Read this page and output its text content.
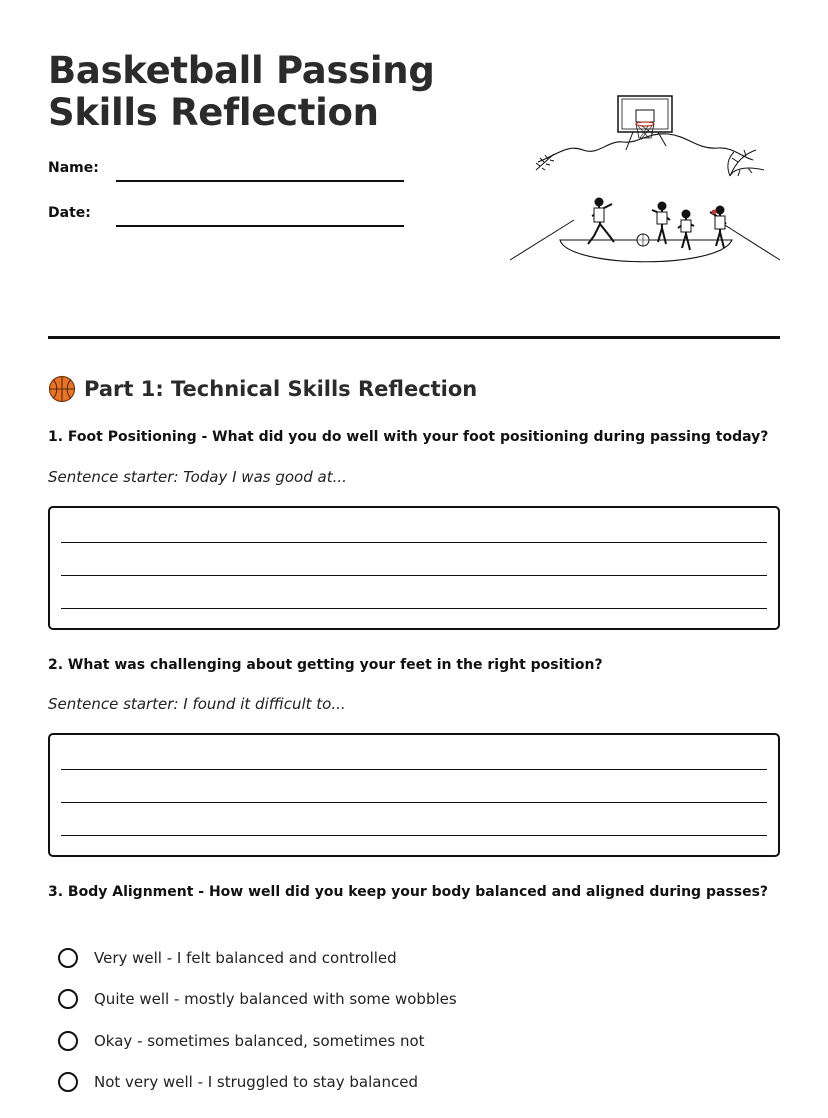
Basketball Passing Skills Reflection
Name:
Date:
Part 1: Technical Skills Reflection
1. Foot Positioning - What did you do well with your foot positioning during passing today?
Sentence starter: Today I was good at...
2. What was challenging about getting your feet in the right position?
Sentence starter: I found it difficult to...
3. Body Alignment - How well did you keep your body balanced and aligned during passes?
Very well - I felt balanced and controlled
Quite well - mostly balanced with some wobbles
Okay - sometimes balanced, sometimes not
Not very well - I struggled to stay balanced
